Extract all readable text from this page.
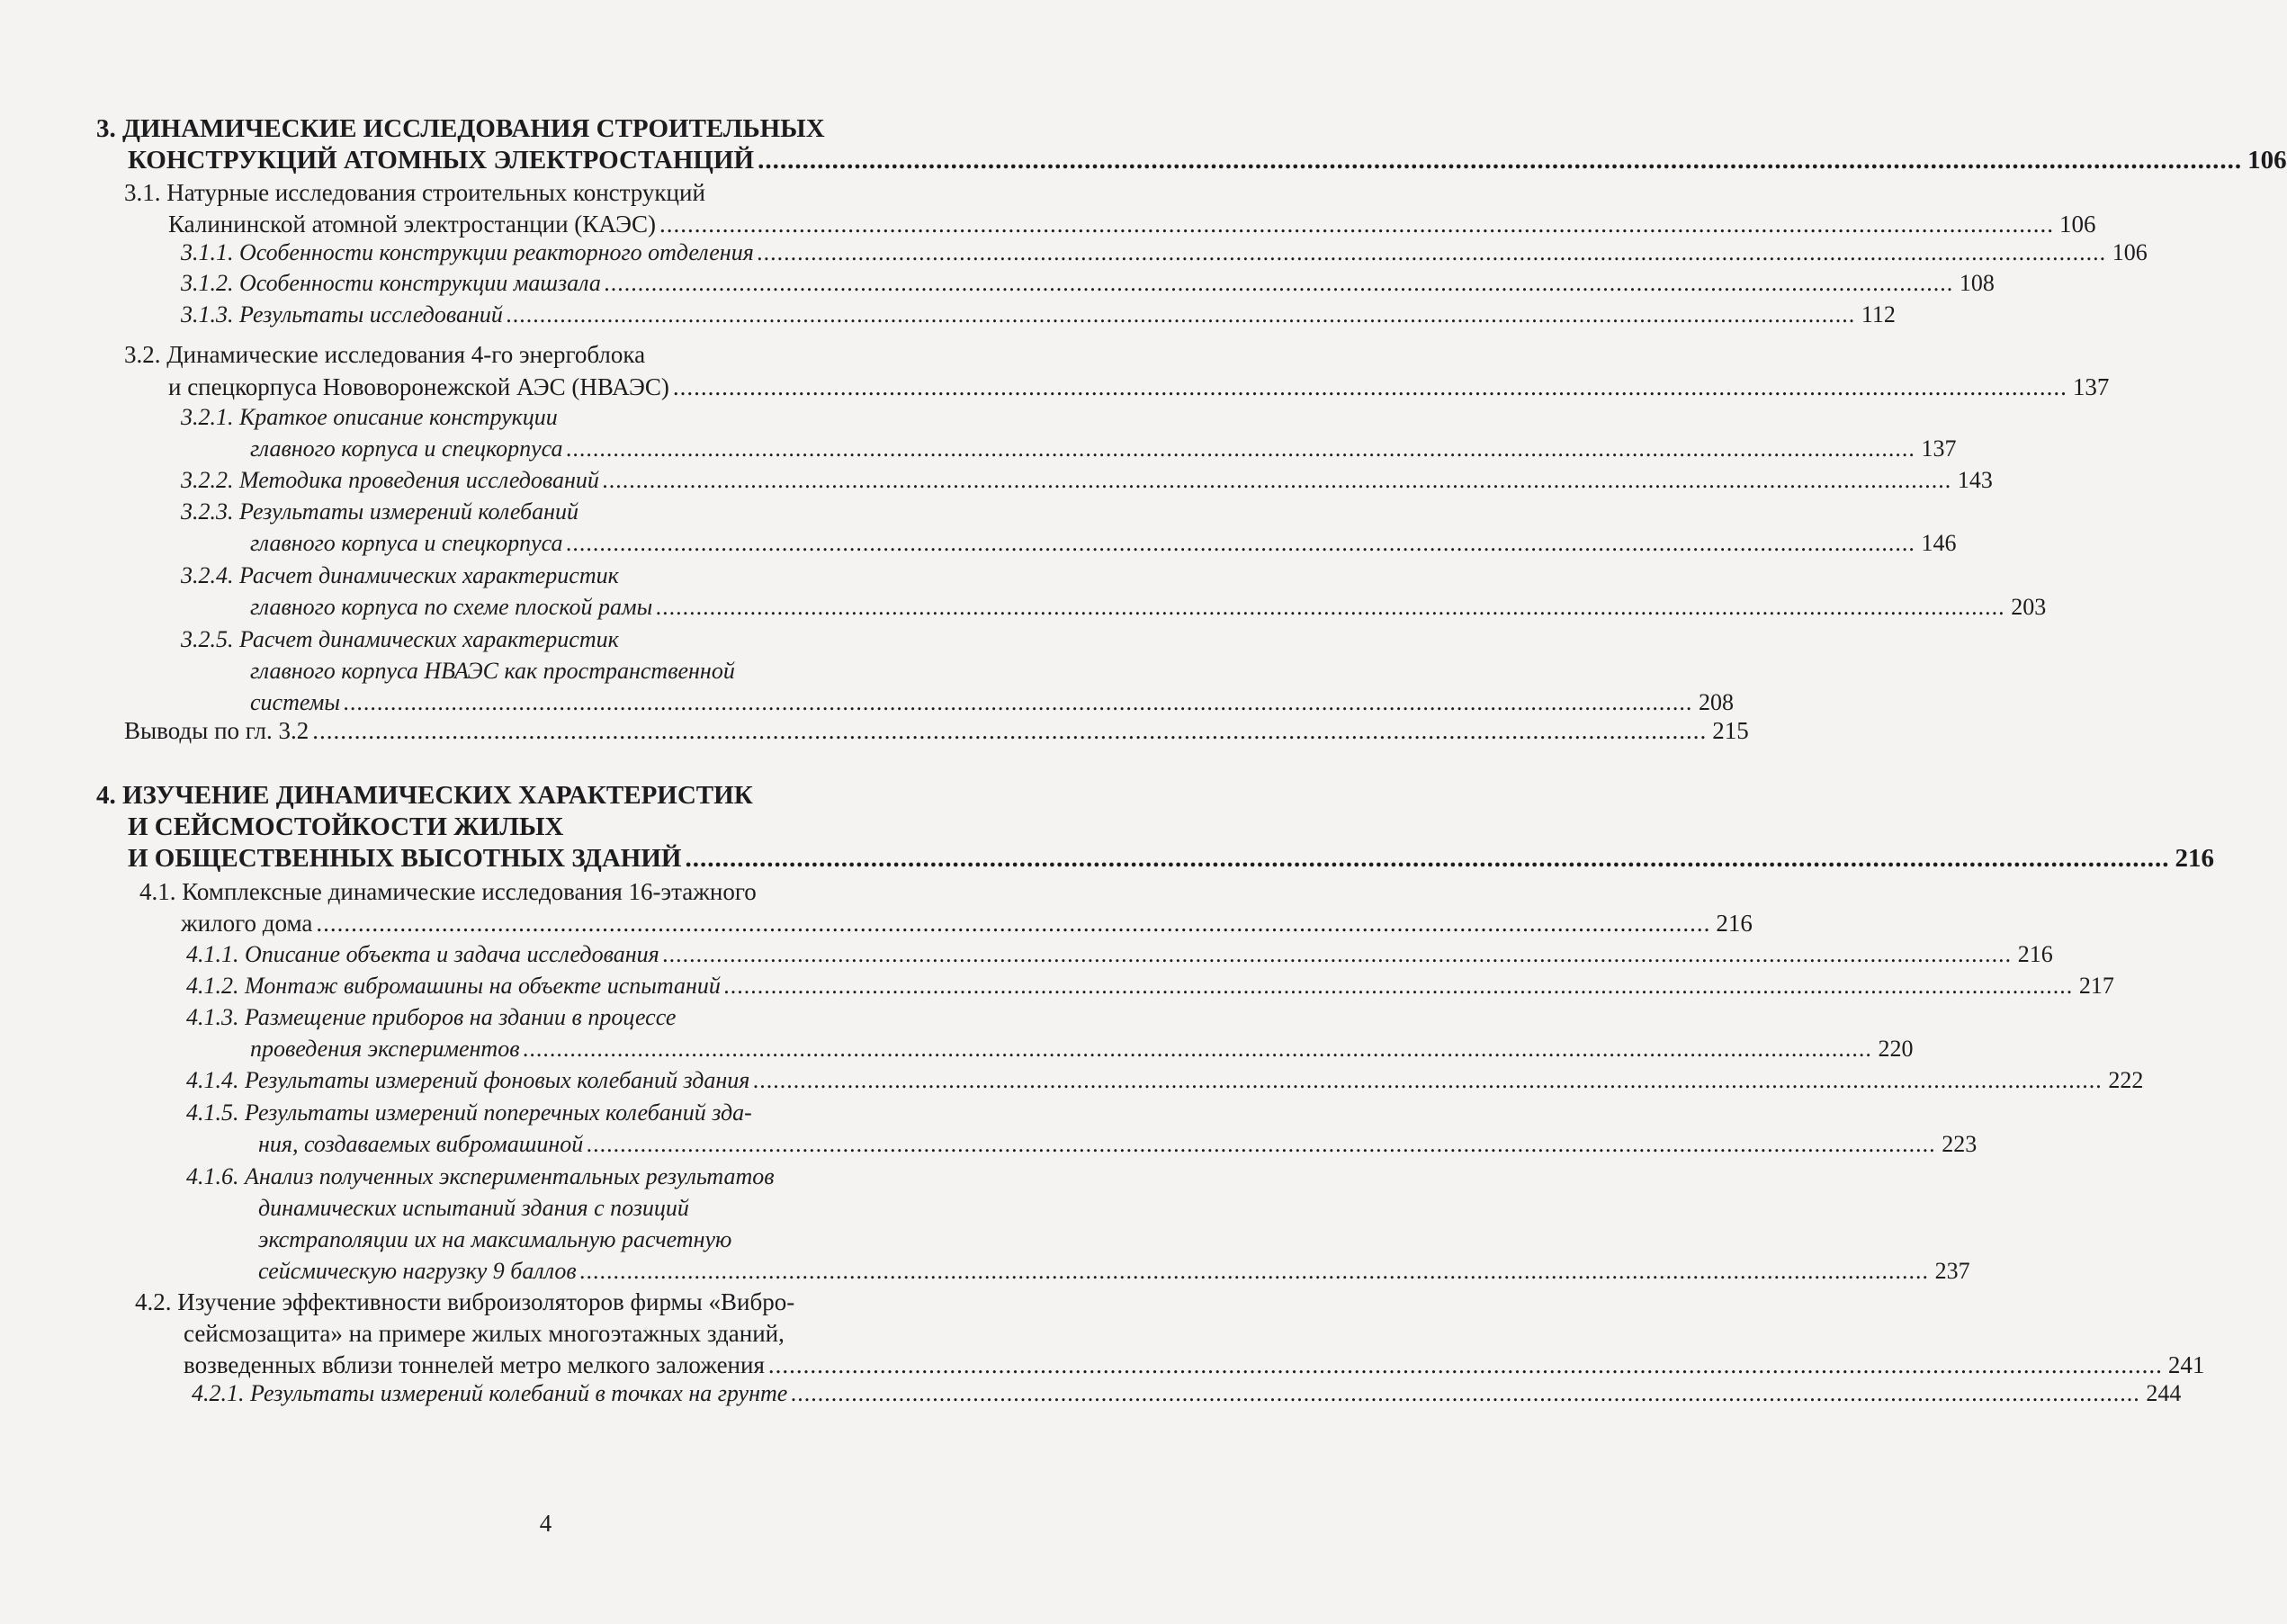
3. ДИНАМИЧЕСКИЕ ИССЛЕДОВАНИЯ СТРОИТЕЛЬНЫХ
КОНСТРУКЦИЙ АТОМНЫХ ЭЛЕКТРОСТАНЦИЙ ........................................................................................................................................................................................................ 106
3.1. Натурные исследования строительных конструкций
Калининской атомной электростанции (КАЭС) ........................................................................................................................................................................................................ 106
3.1.1. Особенности конструкции реакторного отделения ........................................................................................................................................................................................................ 106
3.1.2. Особенности конструкции машзала ........................................................................................................................................................................................................ 108
3.1.3. Результаты исследований ........................................................................................................................................................................................................ 112
3.2. Динамические исследования 4-го энергоблока
и спецкорпуса Нововоронежской АЭС (НВАЭС) ........................................................................................................................................................................................................ 137
3.2.1. Краткое описание конструкции
главного корпуса и спецкорпуса ........................................................................................................................................................................................................ 137
3.2.2. Методика проведения исследований ........................................................................................................................................................................................................ 143
3.2.3. Результаты измерений колебаний
главного корпуса и спецкорпуса ........................................................................................................................................................................................................ 146
3.2.4. Расчет динамических характеристик
главного корпуса по схеме плоской рамы ........................................................................................................................................................................................................ 203
3.2.5. Расчет динамических характеристик
главного корпуса НВАЭС как пространственной
системы ........................................................................................................................................................................................................ 208
Выводы по гл. 3.2 ........................................................................................................................................................................................................ 215
4. ИЗУЧЕНИЕ ДИНАМИЧЕСКИХ ХАРАКТЕРИСТИК
И СЕЙСМОСТОЙКОСТИ ЖИЛЫХ
И ОБЩЕСТВЕННЫХ ВЫСОТНЫХ ЗДАНИЙ ........................................................................................................................................................................................................ 216
4.1. Комплексные динамические исследования 16-этажного
жилого дома ........................................................................................................................................................................................................ 216
4.1.1. Описание объекта и задача исследования ........................................................................................................................................................................................................ 216
4.1.2. Монтаж вибромашины на объекте испытаний ........................................................................................................................................................................................................ 217
4.1.3. Размещение приборов на здании в процессе
проведения экспериментов ........................................................................................................................................................................................................ 220
4.1.4. Результаты измерений фоновых колебаний здания ........................................................................................................................................................................................................ 222
4.1.5. Результаты измерений поперечных колебаний зда-
ния, создаваемых вибромашиной ........................................................................................................................................................................................................ 223
4.1.6. Анализ полученных экспериментальных результатов
динамических испытаний здания с позиций
экстраполяции их на максимальную расчетную
сейсмическую нагрузку 9 баллов ........................................................................................................................................................................................................ 237
4.2. Изучение эффективности виброизоляторов фирмы «Вибро-
сейсмозащита» на примере жилых многоэтажных зданий,
возведенных вблизи тоннелей метро мелкого заложения ........................................................................................................................................................................................................ 241
4.2.1. Результаты измерений колебаний в точках на грунте ........................................................................................................................................................................................................ 244
4
